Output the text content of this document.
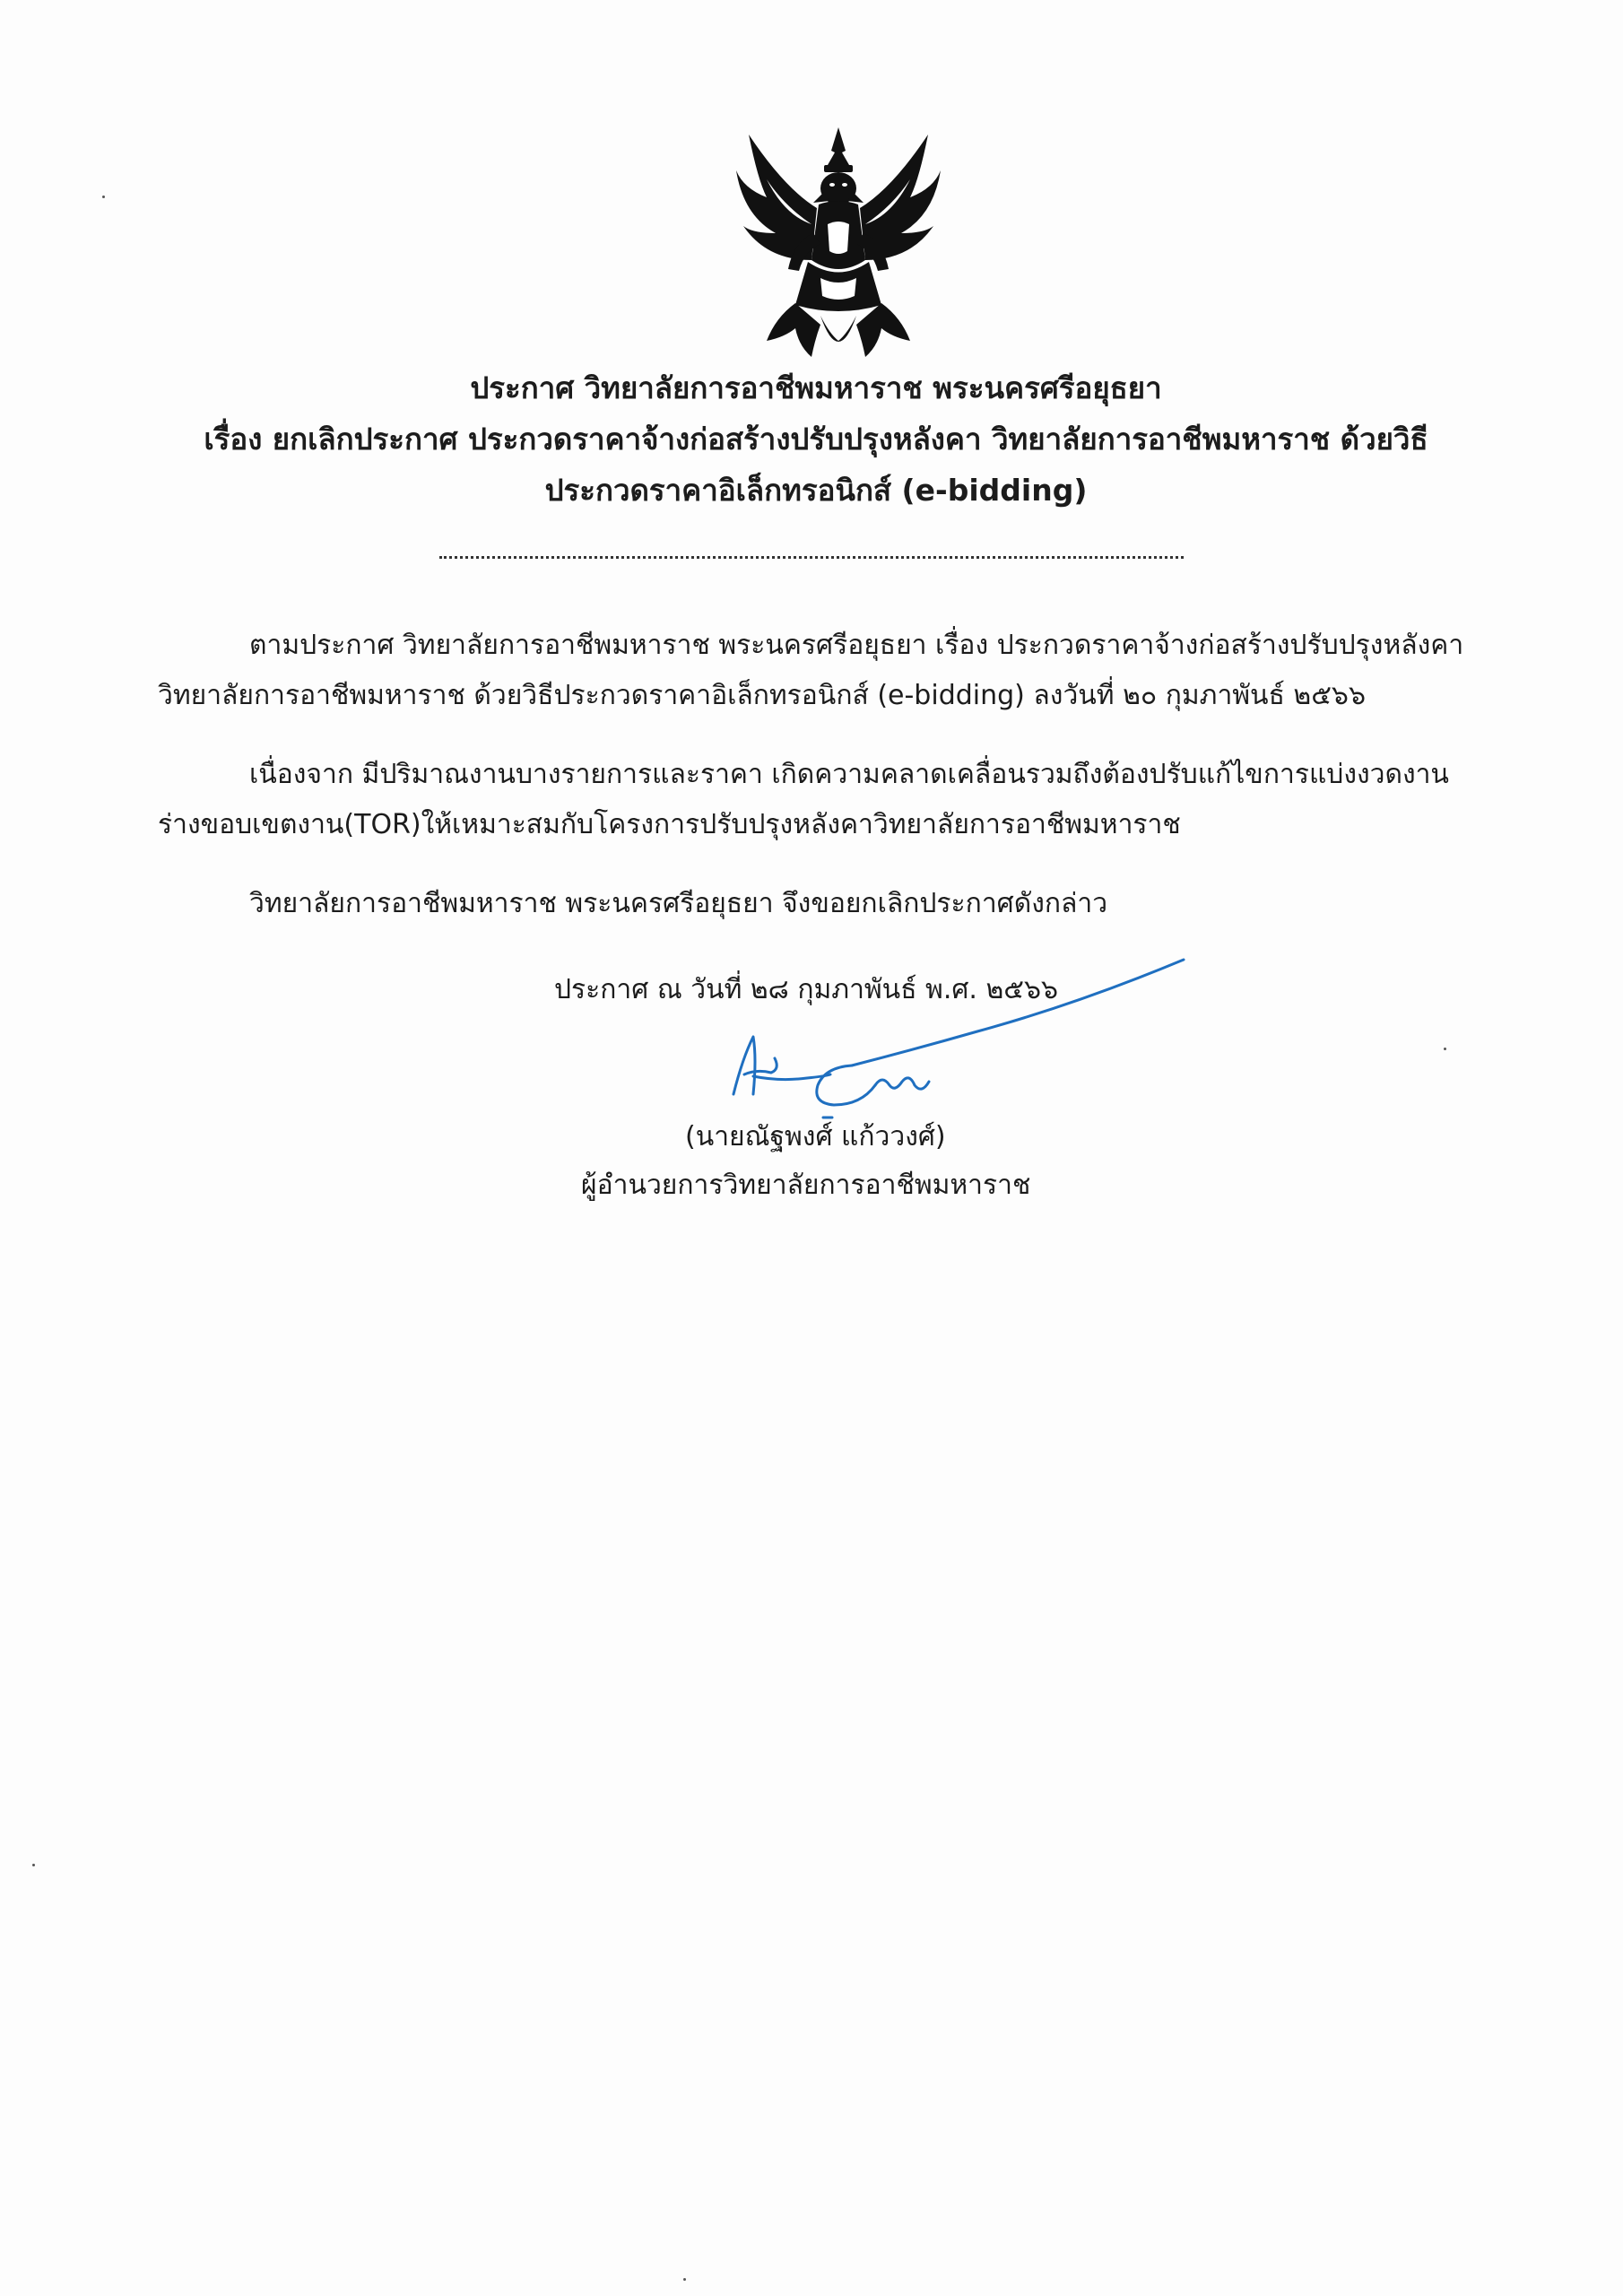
ประกาศ วิทยาลัยการอาชีพมหาราช พระนครศรีอยุธยา
เรื่อง ยกเลิกประกาศ ประกวดราคาจ้างก่อสร้างปรับปรุงหลังคา วิทยาลัยการอาชีพมหาราช ด้วยวิธี
ประกวดราคาอิเล็กทรอนิกส์ (e-bidding)
ตามประกาศ วิทยาลัยการอาชีพมหาราช พระนครศรีอยุธยา เรื่อง ประกวดราคาจ้างก่อสร้างปรับปรุงหลังคา
วิทยาลัยการอาชีพมหาราช ด้วยวิธีประกวดราคาอิเล็กทรอนิกส์ (e-bidding) ลงวันที่ ๒๐ กุมภาพันธ์ ๒๕๖๖
เนื่องจาก มีปริมาณงานบางรายการและราคา เกิดความคลาดเคลื่อนรวมถึงต้องปรับแก้ไขการแบ่งงวดงาน
ร่างขอบเขตงาน(TOR)ให้เหมาะสมกับโครงการปรับปรุงหลังคาวิทยาลัยการอาชีพมหาราช
วิทยาลัยการอาชีพมหาราช พระนครศรีอยุธยา จึงขอยกเลิกประกาศดังกล่าว
ประกาศ ณ วันที่ ๒๘ กุมภาพันธ์ พ.ศ. ๒๕๖๖
(นายณัฐพงศ์ แก้ววงศ์)
ผู้อำนวยการวิทยาลัยการอาชีพมหาราช
